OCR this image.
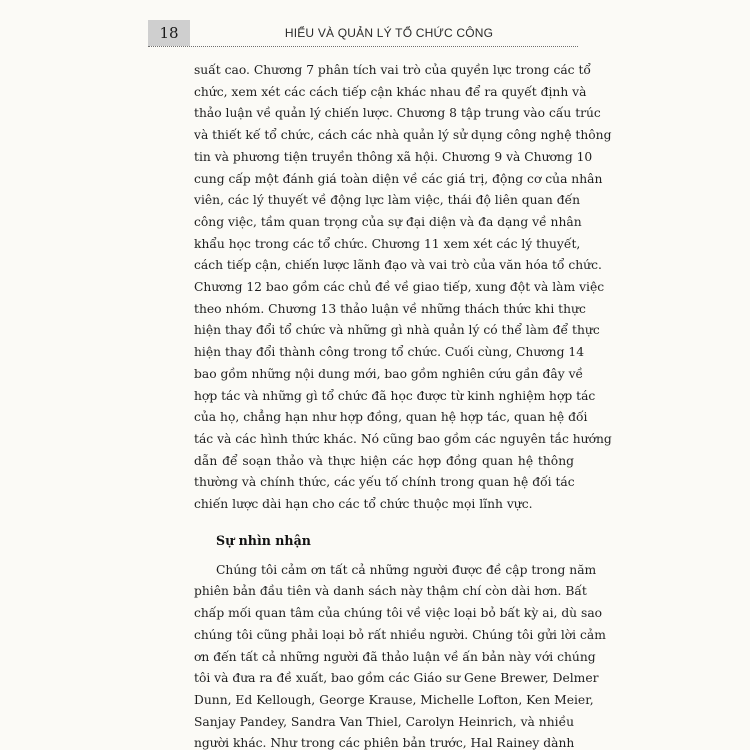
18	HIỂU VÀ QUẢN LÝ TỔ CHỨC CÔNG
suất cao. Chương 7 phân tích vai trò của quyền lực trong các tổ
chức, xem xét các cách tiếp cận khác nhau để ra quyết định và
thảo luận về quản lý chiến lược. Chương 8 tập trung vào cấu trúc
và thiết kế tổ chức, cách các nhà quản lý sử dụng công nghệ thông
tin và phương tiện truyền thông xã hội. Chương 9 và Chương 10
cung cấp một đánh giá toàn diện về các giá trị, động cơ của nhân
viên, các lý thuyết về động lực làm việc, thái độ liên quan đến
công việc, tầm quan trọng của sự đại diện và đa dạng về nhân
khẩu học trong các tổ chức. Chương 11 xem xét các lý thuyết,
cách tiếp cận, chiến lược lãnh đạo và vai trò của văn hóa tổ chức.
Chương 12 bao gồm các chủ đề về giao tiếp, xung đột và làm việc
theo nhóm. Chương 13 thảo luận về những thách thức khi thực
hiện thay đổi tổ chức và những gì nhà quản lý có thể làm để thực
hiện thay đổi thành công trong tổ chức. Cuối cùng, Chương 14
bao gồm những nội dung mới, bao gồm nghiên cứu gần đây về
hợp tác và những gì tổ chức đã học được từ kinh nghiệm hợp tác
của họ, chẳng hạn như hợp đồng, quan hệ hợp tác, quan hệ đối
tác và các hình thức khác. Nó cũng bao gồm các nguyên tắc hướng
dẫn để soạn thảo và thực hiện các hợp đồng quan hệ thông
thường và chính thức, các yếu tố chính trong quan hệ đối tác
chiến lược dài hạn cho các tổ chức thuộc mọi lĩnh vực.
Sự nhìn nhận
Chúng tôi cảm ơn tất cả những người được đề cập trong năm
phiên bản đầu tiên và danh sách này thậm chí còn dài hơn. Bất
chấp mối quan tâm của chúng tôi về việc loại bỏ bất kỳ ai, dù sao
chúng tôi cũng phải loại bỏ rất nhiều người. Chúng tôi gửi lời cảm
ơn đến tất cả những người đã thảo luận về ấn bản này với chúng
tôi và đưa ra đề xuất, bao gồm các Giáo sư Gene Brewer, Delmer
Dunn, Ed Kellough, George Krause, Michelle Lofton, Ken Meier,
Sanjay Pandey, Sandra Van Thiel, Carolyn Heinrich, và nhiều
người khác. Như trong các phiên bản trước, Hal Rainey dành
